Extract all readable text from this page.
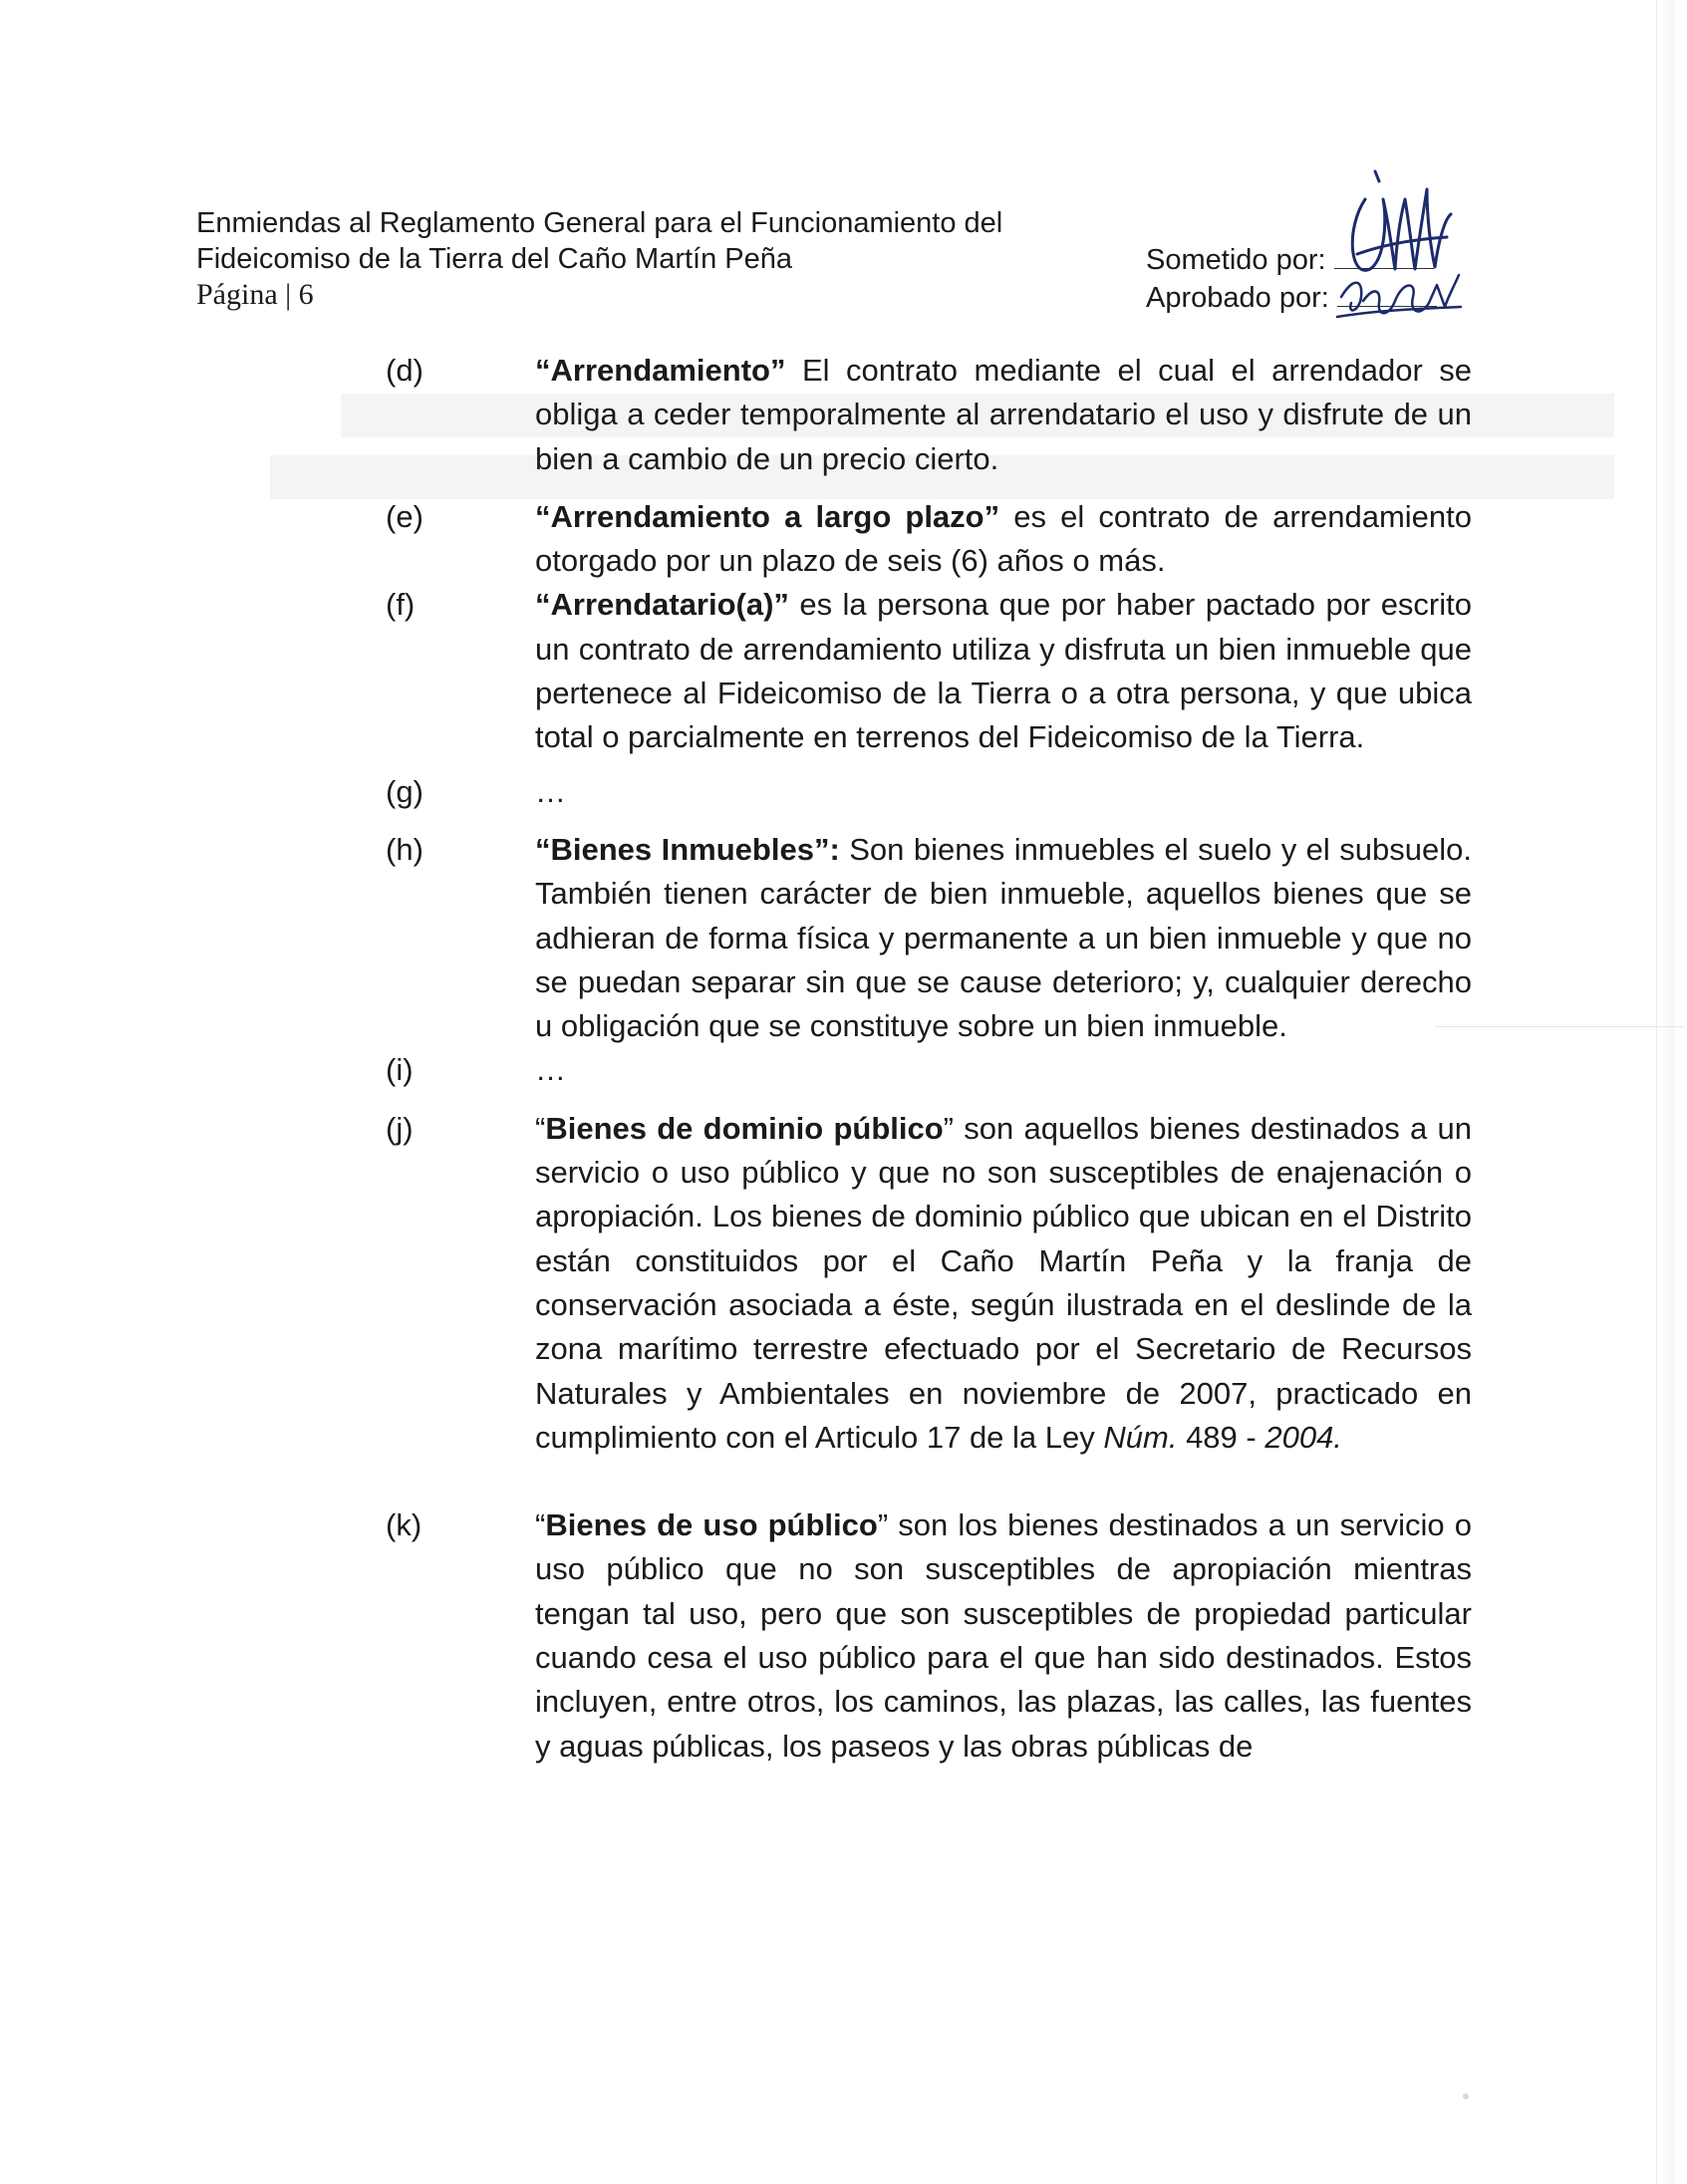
Enmiendas al Reglamento General para el Funcionamiento del
Fideicomiso de la Tierra del Caño Martín Peña
Página | 6
Sometido por:
Aprobado por:
(d)	“Arrendamiento” El contrato mediante el cual el arrendador se obliga a ceder temporalmente al arrendatario el uso y disfrute de un bien a cambio de un precio cierto.
(e)	“Arrendamiento a largo plazo” es el contrato de arrendamiento otorgado por un plazo de seis (6) años o más.
(f)	“Arrendatario(a)” es la persona que por haber pactado por escrito un contrato de arrendamiento utiliza y disfruta un bien inmueble que pertenece al Fideicomiso de la Tierra o a otra persona, y que ubica total o parcialmente en terrenos del Fideicomiso de la Tierra.
(g)	…
(h)	“Bienes Inmuebles”: Son bienes inmuebles el suelo y el subsuelo. También tienen carácter de bien inmueble, aquellos bienes que se adhieran de forma física y permanente a un bien inmueble y que no se puedan separar sin que se cause deterioro; y, cualquier derecho u obligación que se constituye sobre un bien inmueble.
(i)	…
(j)	“Bienes de dominio público” son aquellos bienes destinados a un servicio o uso público y que no son susceptibles de enajenación o apropiación. Los bienes de dominio público que ubican en el Distrito están constituidos por el Caño Martín Peña y la franja de conservación asociada a éste, según ilustrada en el deslinde de la zona marítimo terrestre efectuado por el Secretario de Recursos Naturales y Ambientales en noviembre de 2007, practicado en cumplimiento con el Articulo 17 de la Ley Núm. 489 - 2004.
(k)	“Bienes de uso público” son los bienes destinados a un servicio o uso público que no son susceptibles de apropiación mientras tengan tal uso, pero que son susceptibles de propiedad particular cuando cesa el uso público para el que han sido destinados. Estos incluyen, entre otros, los caminos, las plazas, las calles, las fuentes y aguas públicas, los paseos y las obras públicas de
